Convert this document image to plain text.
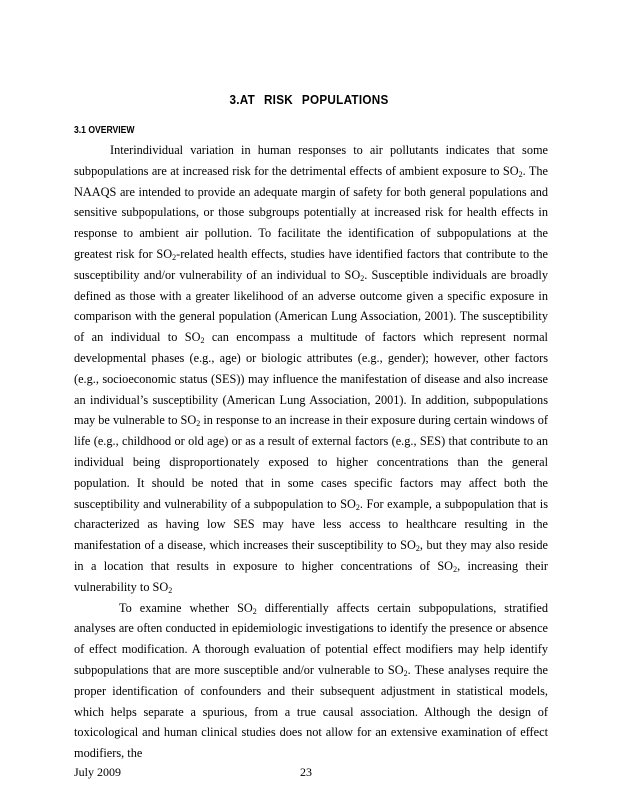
3.AT RISK POPULATIONS
3.1 OVERVIEW

Interindividual variation in human responses to air pollutants indicates that some subpopulations are at increased risk for the detrimental effects of ambient exposure to $SO_2$. The NAAQS are intended to provide an adequate margin of safety for both general populations and sensitive subpopulations, or those subgroups potentially at increased risk for health effects in response to ambient air pollution. To facilitate the identification of subpopulations at the greatest risk for $SO_2$-related health effects, studies have identified factors that contribute to the susceptibility and/or vulnerability of an individual to $SO_2$. Susceptible individuals are broadly defined as those with a greater likelihood of an adverse outcome given a specific exposure in comparison with the general population (American Lung Association, 2001). The susceptibility of an individual to $SO_2$ can encompass a multitude of factors which represent normal developmental phases (e.g., age) or biologic attributes (e.g., gender); however, other factors (e.g., socioeconomic status (SES)) may influence the manifestation of disease and also increase an individual’s susceptibility (American Lung Association, 2001). In addition, subpopulations may be vulnerable to $SO_2$ in response to an increase in their exposure during certain windows of life (e.g., childhood or old age) or as a result of external factors (e.g., SES) that contribute to an individual being disproportionately exposed to higher concentrations than the general population. It should be noted that in some cases specific factors may affect both the susceptibility and vulnerability of a subpopulation to $SO_2$. For example, a subpopulation that is characterized as having low SES may have less access to healthcare resulting in the manifestation of a disease, which increases their susceptibility to $SO_2$, but they may also reside in a location that results in exposure to higher concentrations of $SO_2$, increasing their vulnerability to $SO_2$

To examine whether $SO_2$ differentially affects certain subpopulations, stratified analyses are often conducted in epidemiologic investigations to identify the presence or absence of effect modification. A thorough evaluation of potential effect modifiers may help identify subpopulations that are more susceptible and/or vulnerable to $SO_2$. These analyses require the proper identification of confounders and their subsequent adjustment in statistical models, which helps separate a spurious, from a true causal association. Although the design of toxicological and human clinical studies does not allow for an extensive examination of effect modifiers, the

July 2009	23
